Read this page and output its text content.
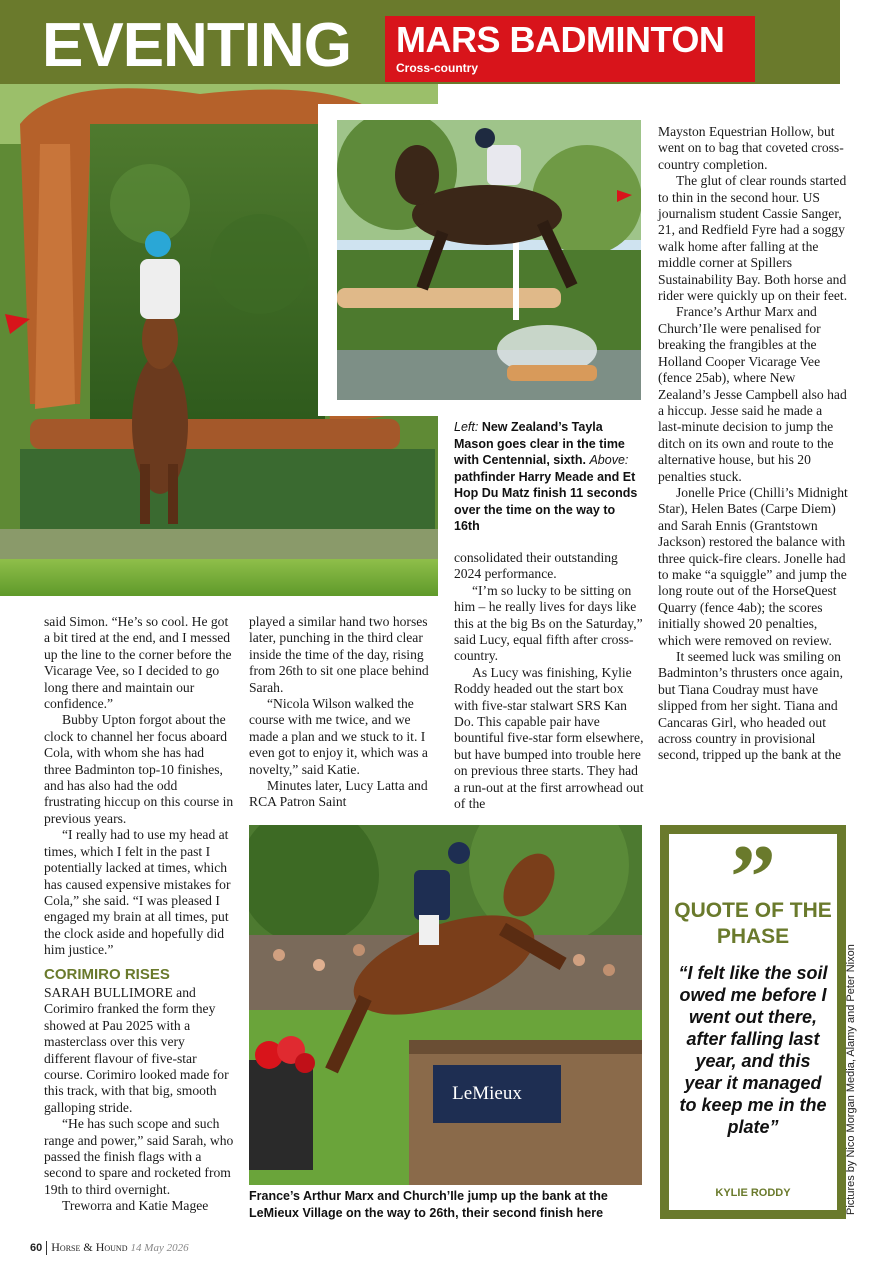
EVENTING MARS BADMINTON
Cross-country
Left: New Zealand’s Tayla Mason goes clear in the time with Centennial, sixth. Above: pathfinder Harry Meade and Et Hop Du Matz finish 11 seconds over the time on the way to 16th

said Simon. “He’s so cool. He got a bit tired at the end, and I messed up the line to the corner before the Vicarage Vee, so I decided to go long there and maintain our confidence.”

Bubby Upton forgot about the clock to channel her focus aboard Cola, with whom she has had three Badminton top-10 finishes, and has also had the odd frustrating hiccup on this course in previous years.

“I really had to use my head at times, which I felt in the past I potentially lacked at times, which has caused expensive mistakes for Cola,” she said. “I was pleased I engaged my brain at all times, put the clock aside and hopefully did him justice.”

CORIMIRO RISES

SARAH BULLIMORE and Corimiro franked the form they showed at Pau 2025 with a masterclass over this very different flavour of five-star course. Corimiro looked made for this track, with that big, smooth galloping stride.

“He has such scope and such range and power,” said Sarah, who passed the finish flags with a second to spare and rocketed from 19th to third overnight.

Treworra and Katie Magee

played a similar hand two horses later, punching in the third clear inside the time of the day, rising from 26th to sit one place behind Sarah.

“Nicola Wilson walked the course with me twice, and we made a plan and we stuck to it. I even got to enjoy it, which was a novelty,” said Katie.

Minutes later, Lucy Latta and RCA Patron Saint

consolidated their outstanding 2024 performance.

“I’m so lucky to be sitting on him – he really lives for days like this at the big Bs on the Saturday,” said Lucy, equal fifth after cross-country.

As Lucy was finishing, Kylie Roddy headed out the start box with five-star stalwart SRS Kan Do. This capable pair have bountiful five-star form elsewhere, but have bumped into trouble here on previous three starts. They had a run-out at the first arrowhead out of the

Mayston Equestrian Hollow, but went on to bag that coveted cross-country completion.

The glut of clear rounds started to thin in the second hour. US journalism student Cassie Sanger, 21, and Redfield Fyre had a soggy walk home after falling at the middle corner at Spillers Sustainability Bay. Both horse and rider were quickly up on their feet.

France’s Arthur Marx and Church’Ile were penalised for breaking the frangibles at the Holland Cooper Vicarage Vee (fence 25ab), where New Zealand’s Jesse Campbell also had a hiccup. Jesse said he made a last-minute decision to jump the ditch on its own and route to the alternative house, but his 20 penalties stuck.

Jonelle Price (Chilli’s Midnight Star), Helen Bates (Carpe Diem) and Sarah Ennis (Grantstown Jackson) restored the balance with three quick-fire clears. Jonelle had to make “a squiggle” and jump the long route out of the HorseQuest Quarry (fence 4ab); the scores initially showed 20 penalties, which were removed on review.

It seemed luck was smiling on Badminton’s thrusters once again, but Tiana Coudray must have slipped from her sight. Tiana and Cancaras Girl, who headed out across country in provisional second, tripped up the bank at the

LeMieux
France’s Arthur Marx and Church’Ile jump up the bank at the LeMieux Village on the way to 26th, their second finish here
”
QUOTE OF THE PHASE
“I felt like the soil owed me before I went out there, after falling last year, and this year it managed to keep me in the plate”
KYLIE RODDY	Pictures by Nico Morgan Media, Alamy and Peter Nixon
60 Horse & Hound 14 May 2026
